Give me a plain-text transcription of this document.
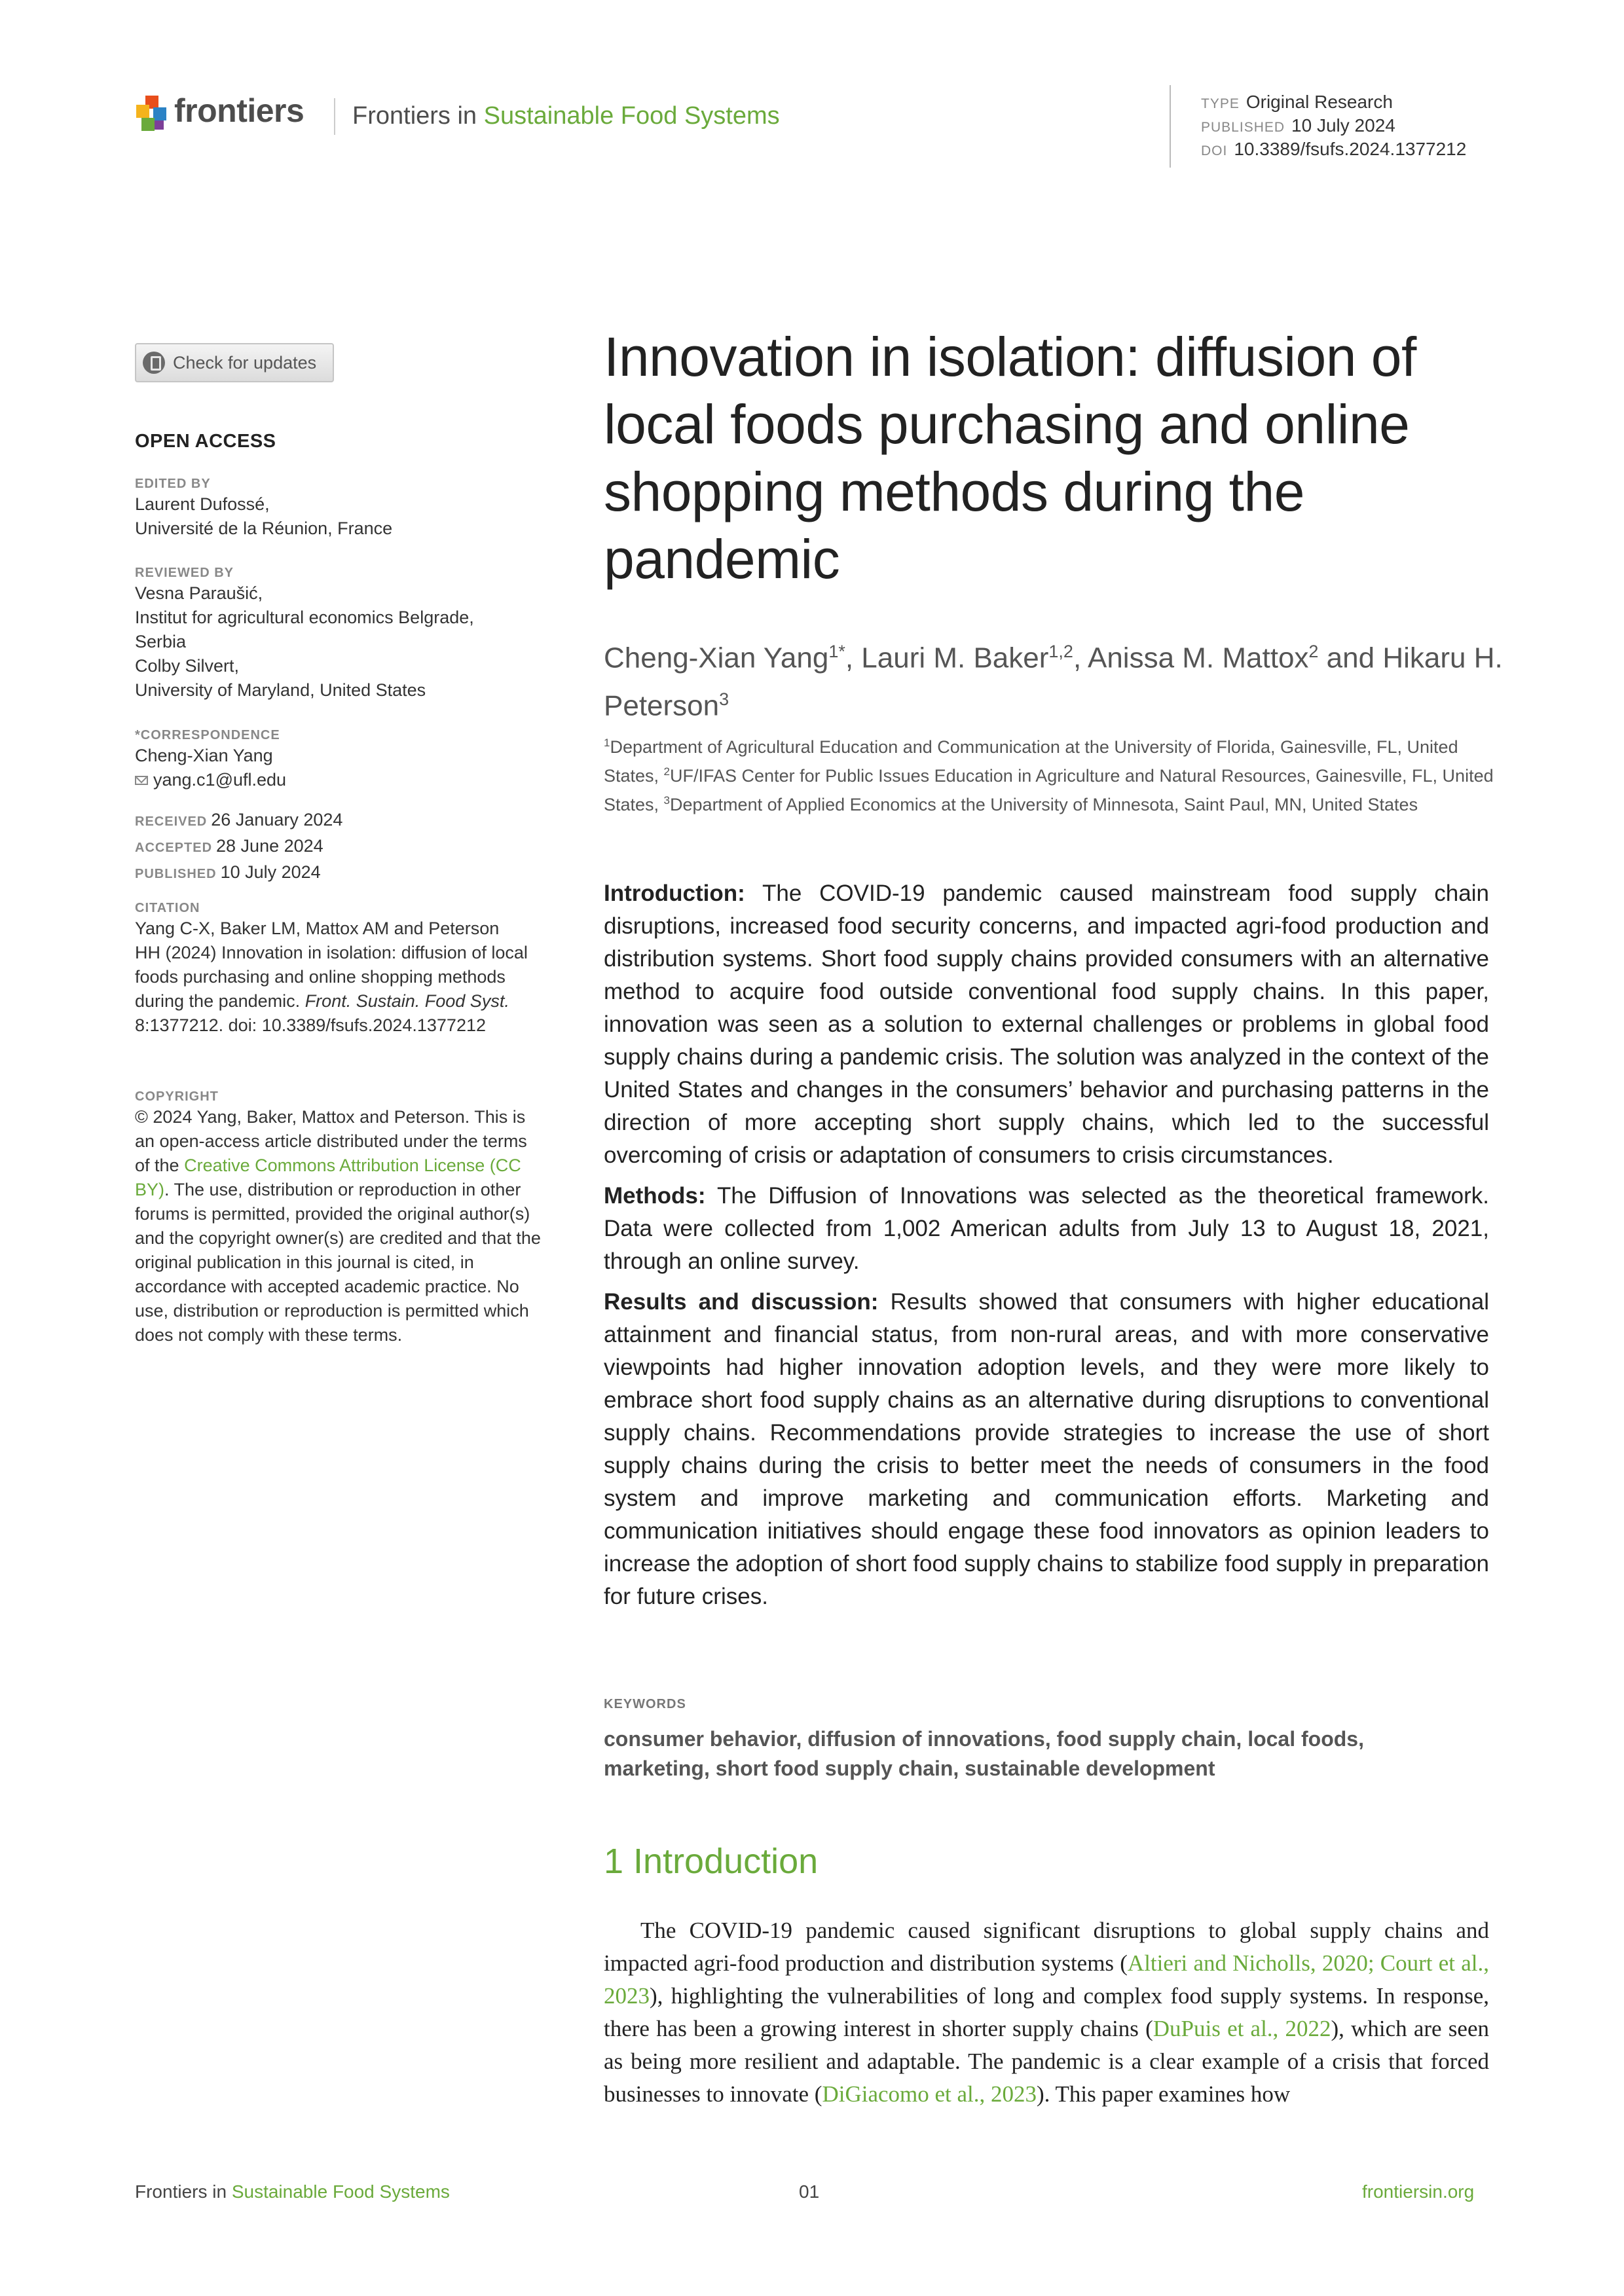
frontiers Frontiers in Sustainable Food Systems	TYPE Original Research
PUBLISHED 10 July 2024
DOI 10.3389/fsufs.2024.1377212
Check for updates
OPEN ACCESS
EDITED BY
Laurent Dufossé,
Université de la Réunion, France
REVIEWED BY
Vesna Paraušić,
Institut for agricultural economics Belgrade,
Serbia
Colby Silvert,
University of Maryland, United States
*CORRESPONDENCE
Cheng-Xian Yang
yang.c1@ufl.edu
RECEIVED 26 January 2024
ACCEPTED 28 June 2024
PUBLISHED 10 July 2024
CITATION
Yang C-X, Baker LM, Mattox AM and Peterson HH (2024) Innovation in isolation: diffusion of local foods purchasing and online shopping methods during the pandemic. Front. Sustain. Food Syst. 8:1377212. doi: 10.3389/fsufs.2024.1377212
COPYRIGHT
© 2024 Yang, Baker, Mattox and Peterson. This is an open-access article distributed under the terms of the Creative Commons Attribution License (CC BY). The use, distribution or reproduction in other forums is permitted, provided the original author(s) and the copyright owner(s) are credited and that the original publication in this journal is cited, in accordance with accepted academic practice. No use, distribution or reproduction is permitted which does not comply with these terms.
Innovation in isolation: diffusion of local foods purchasing and online shopping methods during the pandemic
Cheng-Xian Yang$^{1*}$, Lauri M. Baker$^{1,2}$, Anissa M. Mattox$^2$ and Hikaru H. Peterson$^3$
$^1$Department of Agricultural Education and Communication at the University of Florida, Gainesville, FL, United States, $^2$UF/IFAS Center for Public Issues Education in Agriculture and Natural Resources, Gainesville, FL, United States, $^3$Department of Applied Economics at the University of Minnesota, Saint Paul, MN, United States

Introduction: The COVID-19 pandemic caused mainstream food supply chain disruptions, increased food security concerns, and impacted agri-food production and distribution systems. Short food supply chains provided consumers with an alternative method to acquire food outside conventional food supply chains. In this paper, innovation was seen as a solution to external challenges or problems in global food supply chains during a pandemic crisis. The solution was analyzed in the context of the United States and changes in the consumers’ behavior and purchasing patterns in the direction of more accepting short supply chains, which led to the successful overcoming of crisis or adaptation of consumers to crisis circumstances.

Methods: The Diffusion of Innovations was selected as the theoretical framework. Data were collected from 1,002 American adults from July 13 to August 18, 2021, through an online survey.

Results and discussion: Results showed that consumers with higher educational attainment and financial status, from non-rural areas, and with more conservative viewpoints had higher innovation adoption levels, and they were more likely to embrace short food supply chains as an alternative during disruptions to conventional supply chains. Recommendations provide strategies to increase the use of short supply chains during the crisis to better meet the needs of consumers in the food system and improve marketing and communication efforts. Marketing and communication initiatives should engage these food innovators as opinion leaders to increase the adoption of short food supply chains to stabilize food supply in preparation for future crises.

KEYWORDS
consumer behavior, diffusion of innovations, food supply chain, local foods, marketing, short food supply chain, sustainable development
1 Introduction

The COVID-19 pandemic caused significant disruptions to global supply chains and impacted agri-food production and distribution systems (Altieri and Nicholls, 2020; Court et al., 2023), highlighting the vulnerabilities of long and complex food supply systems. In response, there has been a growing interest in shorter supply chains (DuPuis et al., 2022), which are seen as being more resilient and adaptable. The pandemic is a clear example of a crisis that forced businesses to innovate (DiGiacomo et al., 2023). This paper examines how

Frontiers in Sustainable Food Systems	01	frontiersin.org
